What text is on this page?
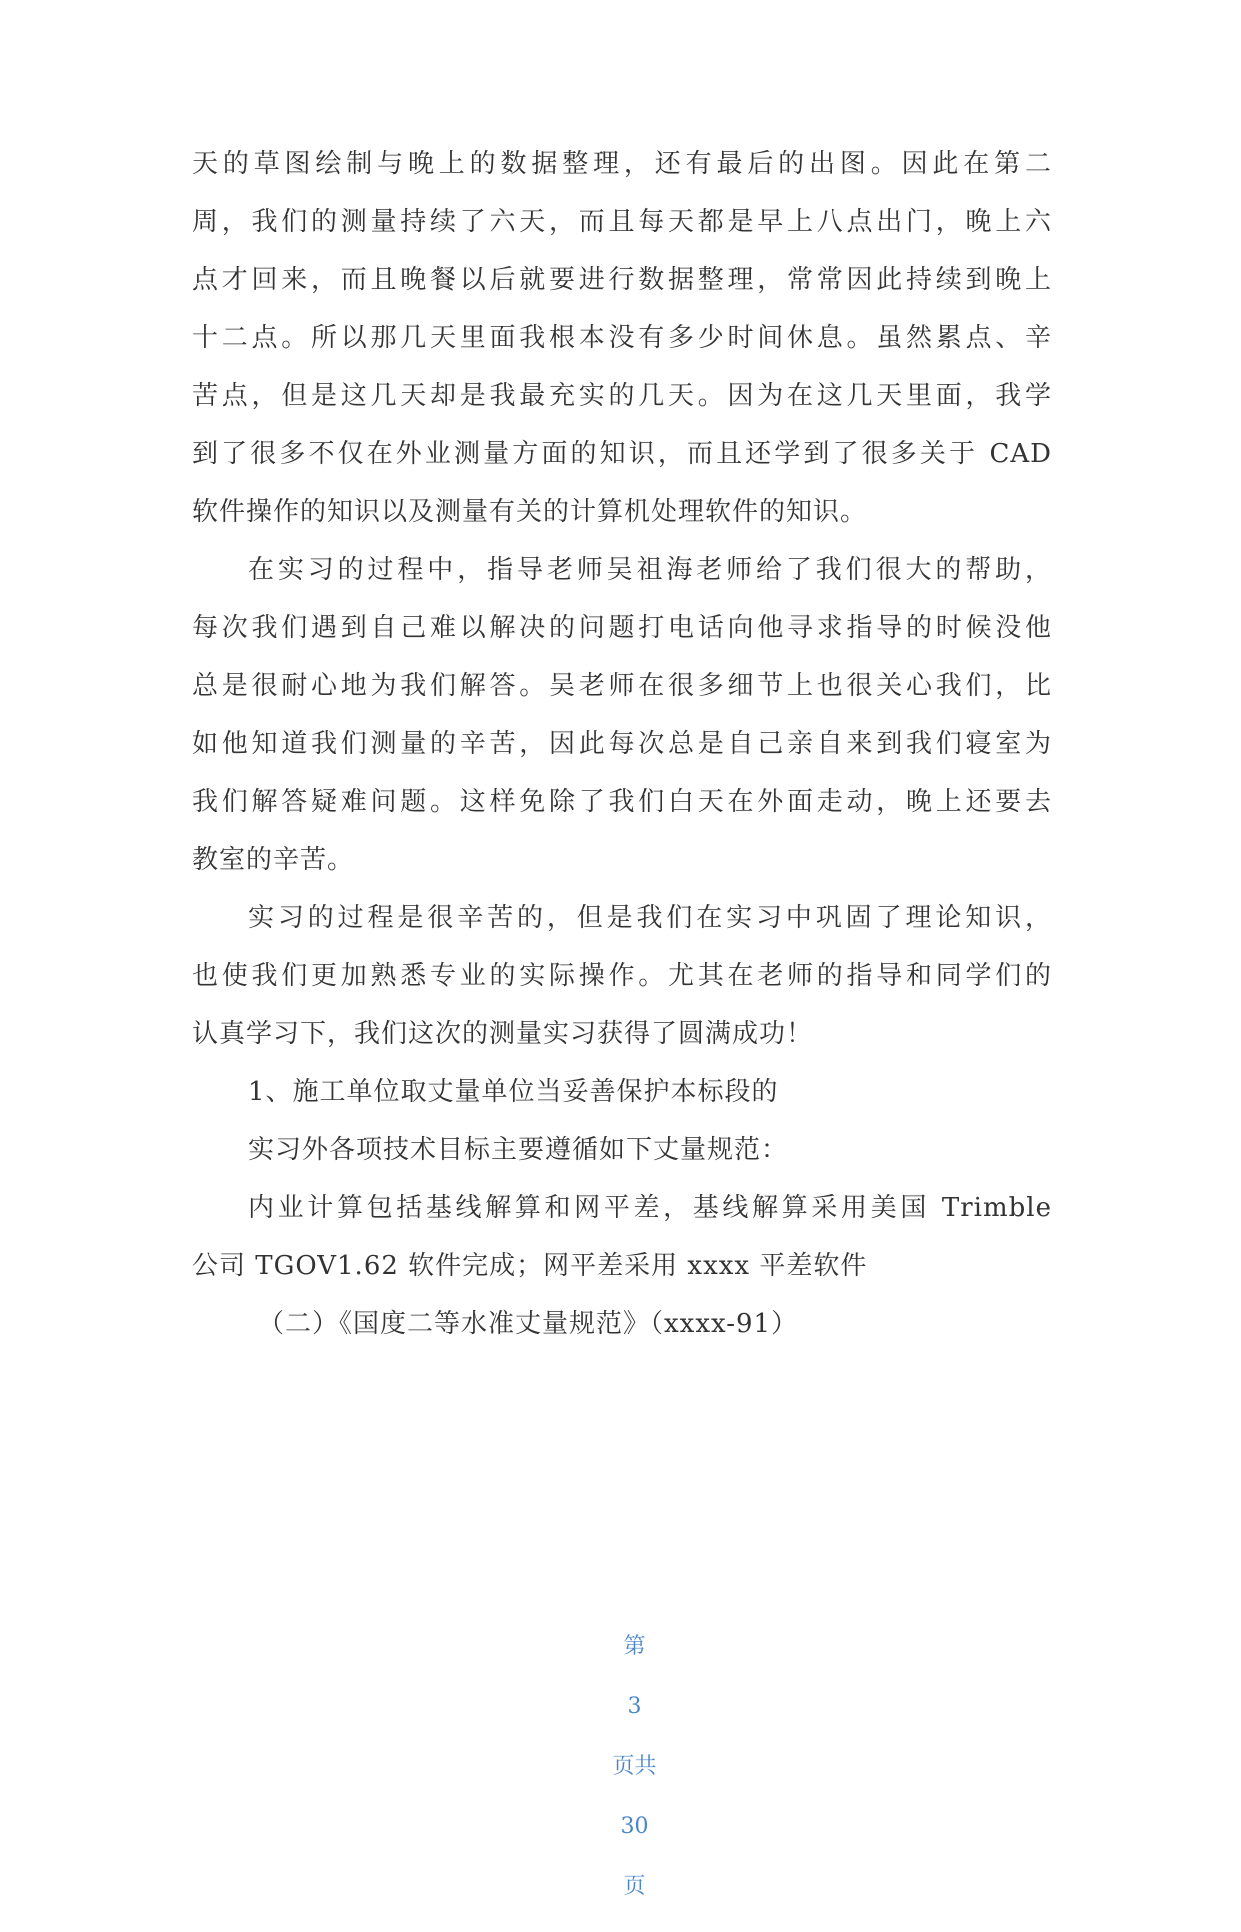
天的草图绘制与晚上的数据整理，还有最后的出图。因此在第二
周，我们的测量持续了六天，而且每天都是早上八点出门，晚上六
点才回来，而且晚餐以后就要进行数据整理，常常因此持续到晚上
十二点。所以那几天里面我根本没有多少时间休息。虽然累点、辛
苦点，但是这几天却是我最充实的几天。因为在这几天里面，我学
到了很多不仅在外业测量方面的知识，而且还学到了很多关于 CAD
软件操作的知识以及测量有关的计算机处理软件的知识。
在实习的过程中，指导老师吴祖海老师给了我们很大的帮助，
每次我们遇到自己难以解决的问题打电话向他寻求指导的时候没他
总是很耐心地为我们解答。吴老师在很多细节上也很关心我们，比
如他知道我们测量的辛苦，因此每次总是自己亲自来到我们寝室为
我们解答疑难问题。这样免除了我们白天在外面走动，晚上还要去
教室的辛苦。
实习的过程是很辛苦的，但是我们在实习中巩固了理论知识，
也使我们更加熟悉专业的实际操作。尤其在老师的指导和同学们的
认真学习下，我们这次的测量实习获得了圆满成功！
1、施工单位取丈量单位当妥善保护本标段的
实习外各项技术目标主要遵循如下丈量规范：
内业计算包括基线解算和网平差，基线解算采用美国 Trimble
公司 TGOV1.62 软件完成；网平差采用 xxxx 平差软件
（二）《国度二等水准丈量规范》（xxxx-91）

第

3

页共

30

页
